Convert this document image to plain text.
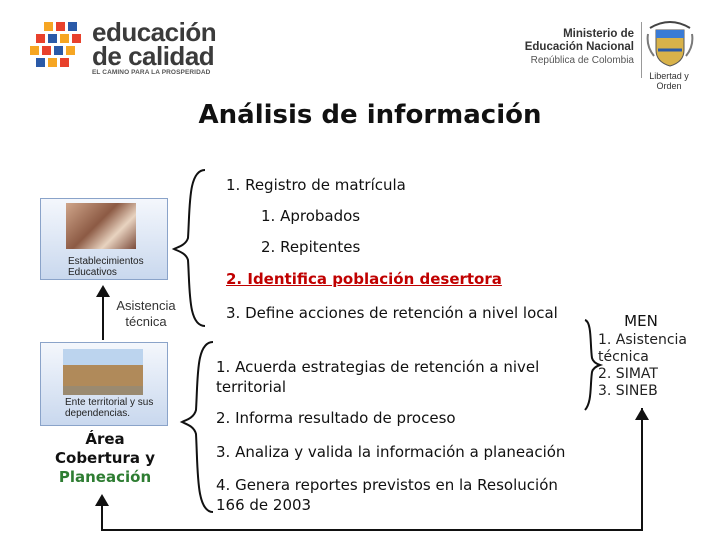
educación
de calidad
EL CAMINO PARA LA PROSPERIDAD
Ministerio de
Educación Nacional
República de Colombia
Libertad y Orden
Análisis de información
Establecimientos Educativos
Ente territorial y sus dependencias.
Asistencia técnica
Área
Cobertura y
Planeación
1. Registro de matrícula
1. Aprobados
2. Repitentes
2. Identifica población desertora
3. Define acciones de retención a nivel local
1. Acuerda estrategias de retención a nivel territorial
2. Informa resultado de proceso
3. Analiza y valida la información a planeación
4. Genera reportes previstos en la Resolución 166 de 2003
MEN
1. Asistencia técnica
2. SIMAT
3. SINEB
